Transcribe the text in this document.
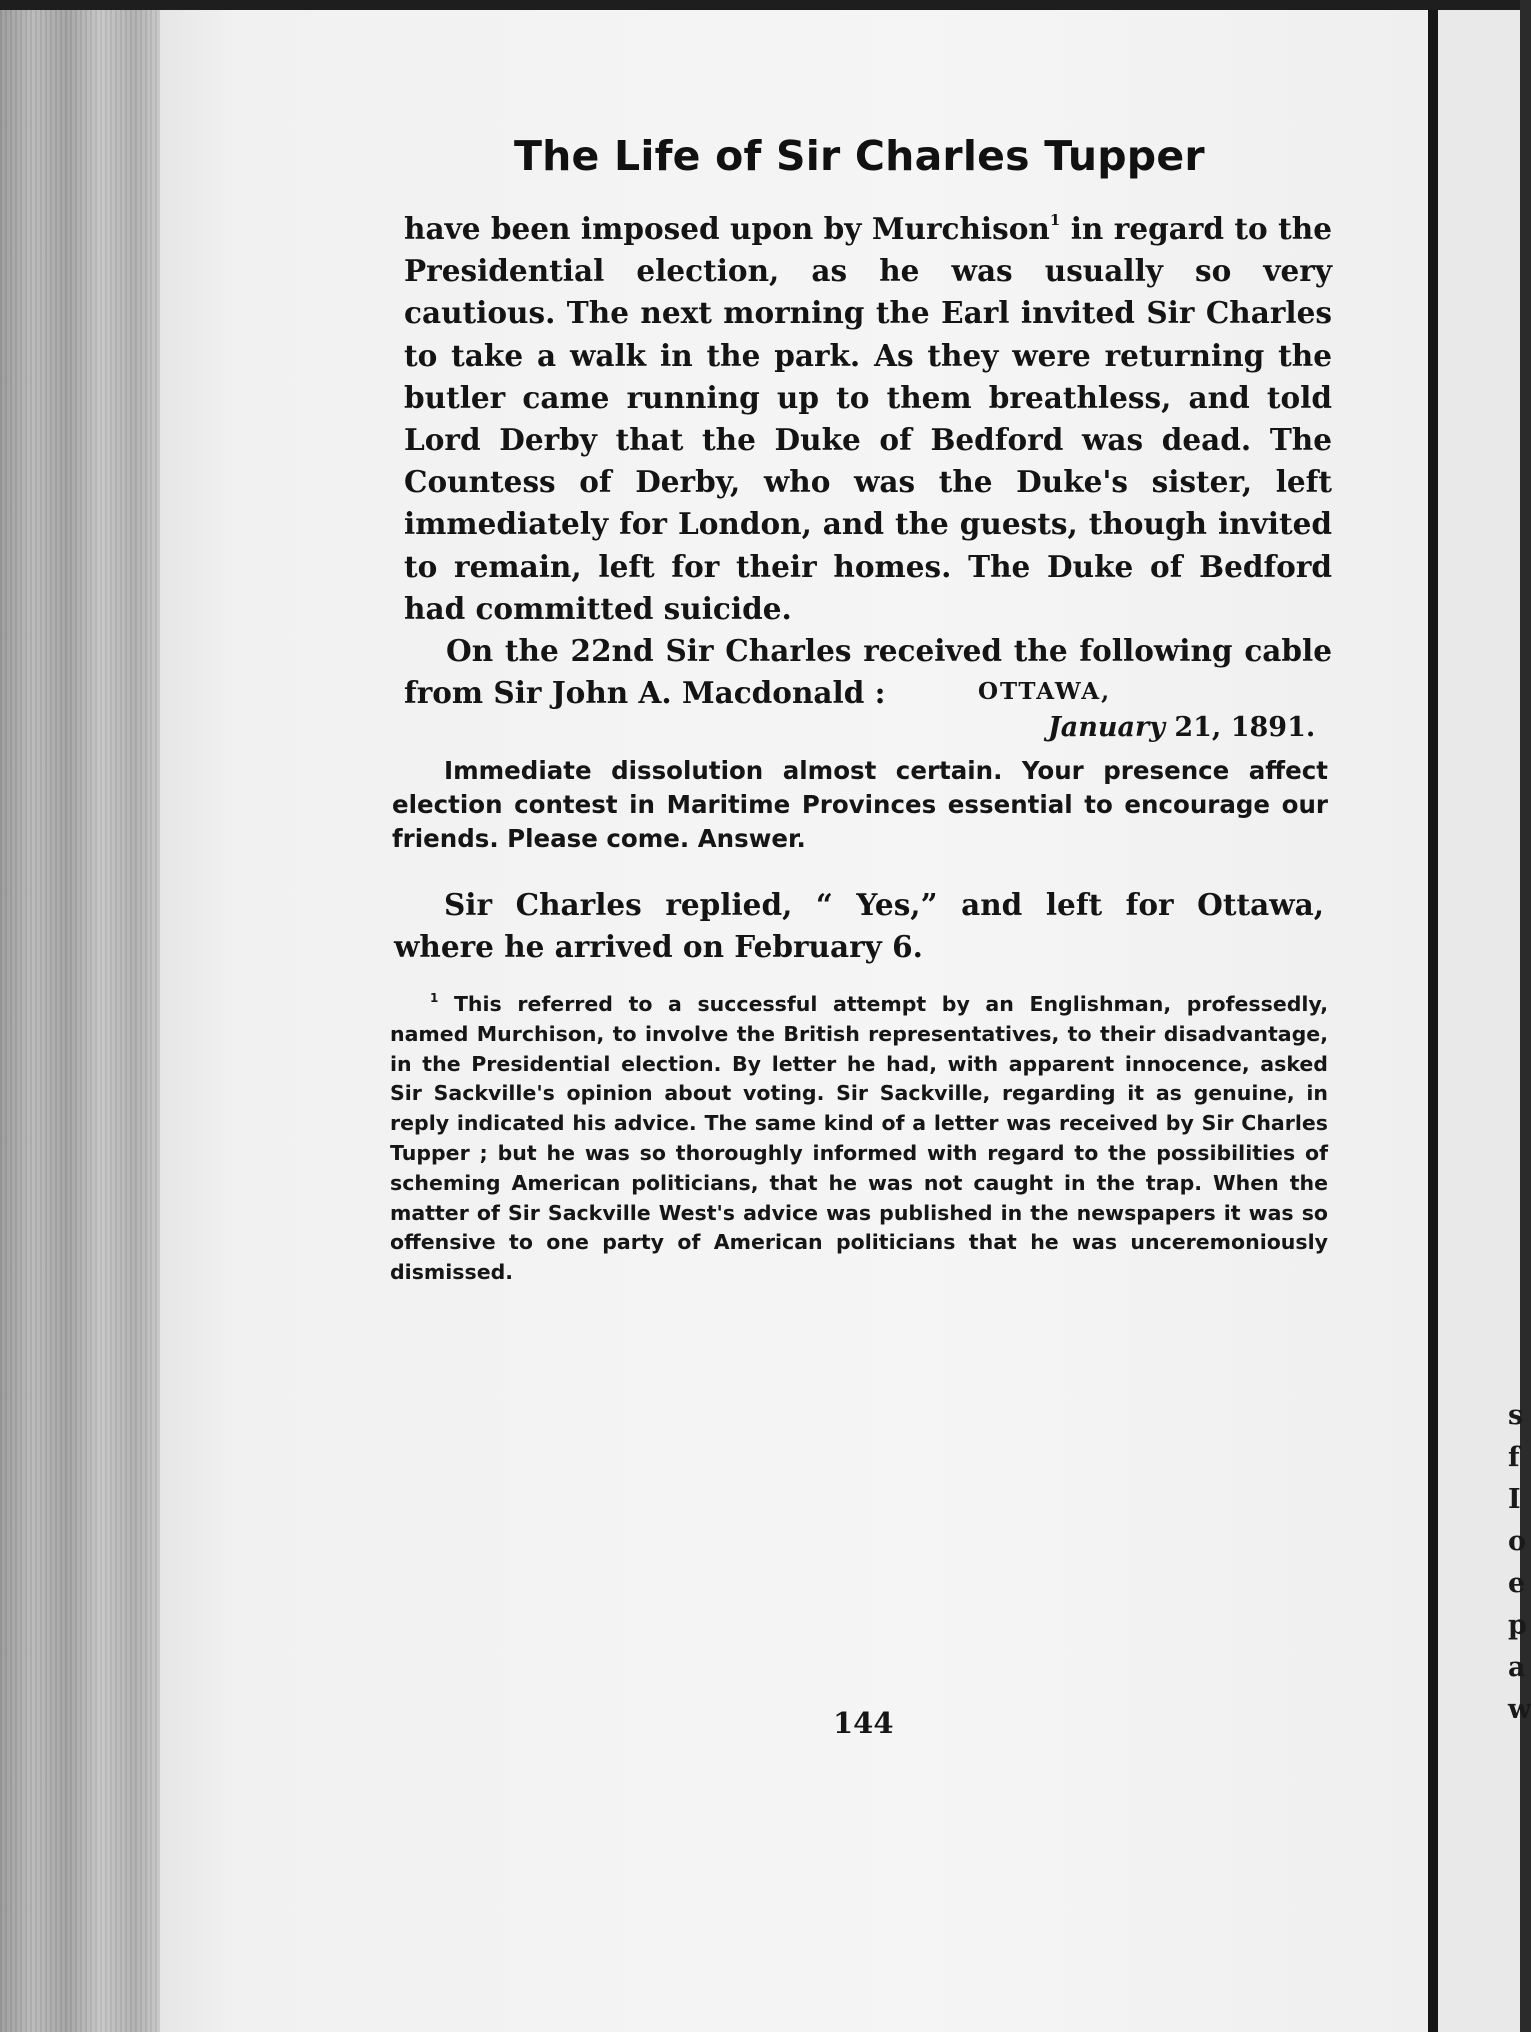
The Life of Sir Charles Tupper

have been imposed upon by Murchison$^1$ in regard to the Presidential election, as he was usually so very cautious. The next morning the Earl invited Sir Charles to take a walk in the park. As they were returning the butler came running up to them breathless, and told Lord Derby that the Duke of Bedford was dead. The Countess of Derby, who was the Duke's sister, left immediately for London, and the guests, though invited to remain, left for their homes. The Duke of Bedford had committed suicide.

On the 22nd Sir Charles received the following cable from Sir John A. Macdonald :	OTTAWA,
January 21, 1891.

Immediate dissolution almost certain. Your presence affect election contest in Maritime Provinces essential to encourage our friends. Please come. Answer.

Sir Charles replied, “ Yes,” and left for Ottawa, where he arrived on February 6.

$^1$ This referred to a successful attempt by an Englishman, professedly, named Murchison, to involve the British representatives, to their disadvantage, in the Presidential election. By letter he had, with apparent innocence, asked Sir Sackville's opinion about voting. Sir Sackville, regarding it as genuine, in reply indicated his advice. The same kind of a letter was received by Sir Charles Tupper ; but he was so thoroughly informed with regard to the possibilities of scheming American politicians, that he was not caught in the trap. When the matter of Sir Sackville West's advice was published in the newspapers it was so offensive to one party of American politicians that he was unceremoniously dismissed.

144
s
f
I
o
e
p
a
w
